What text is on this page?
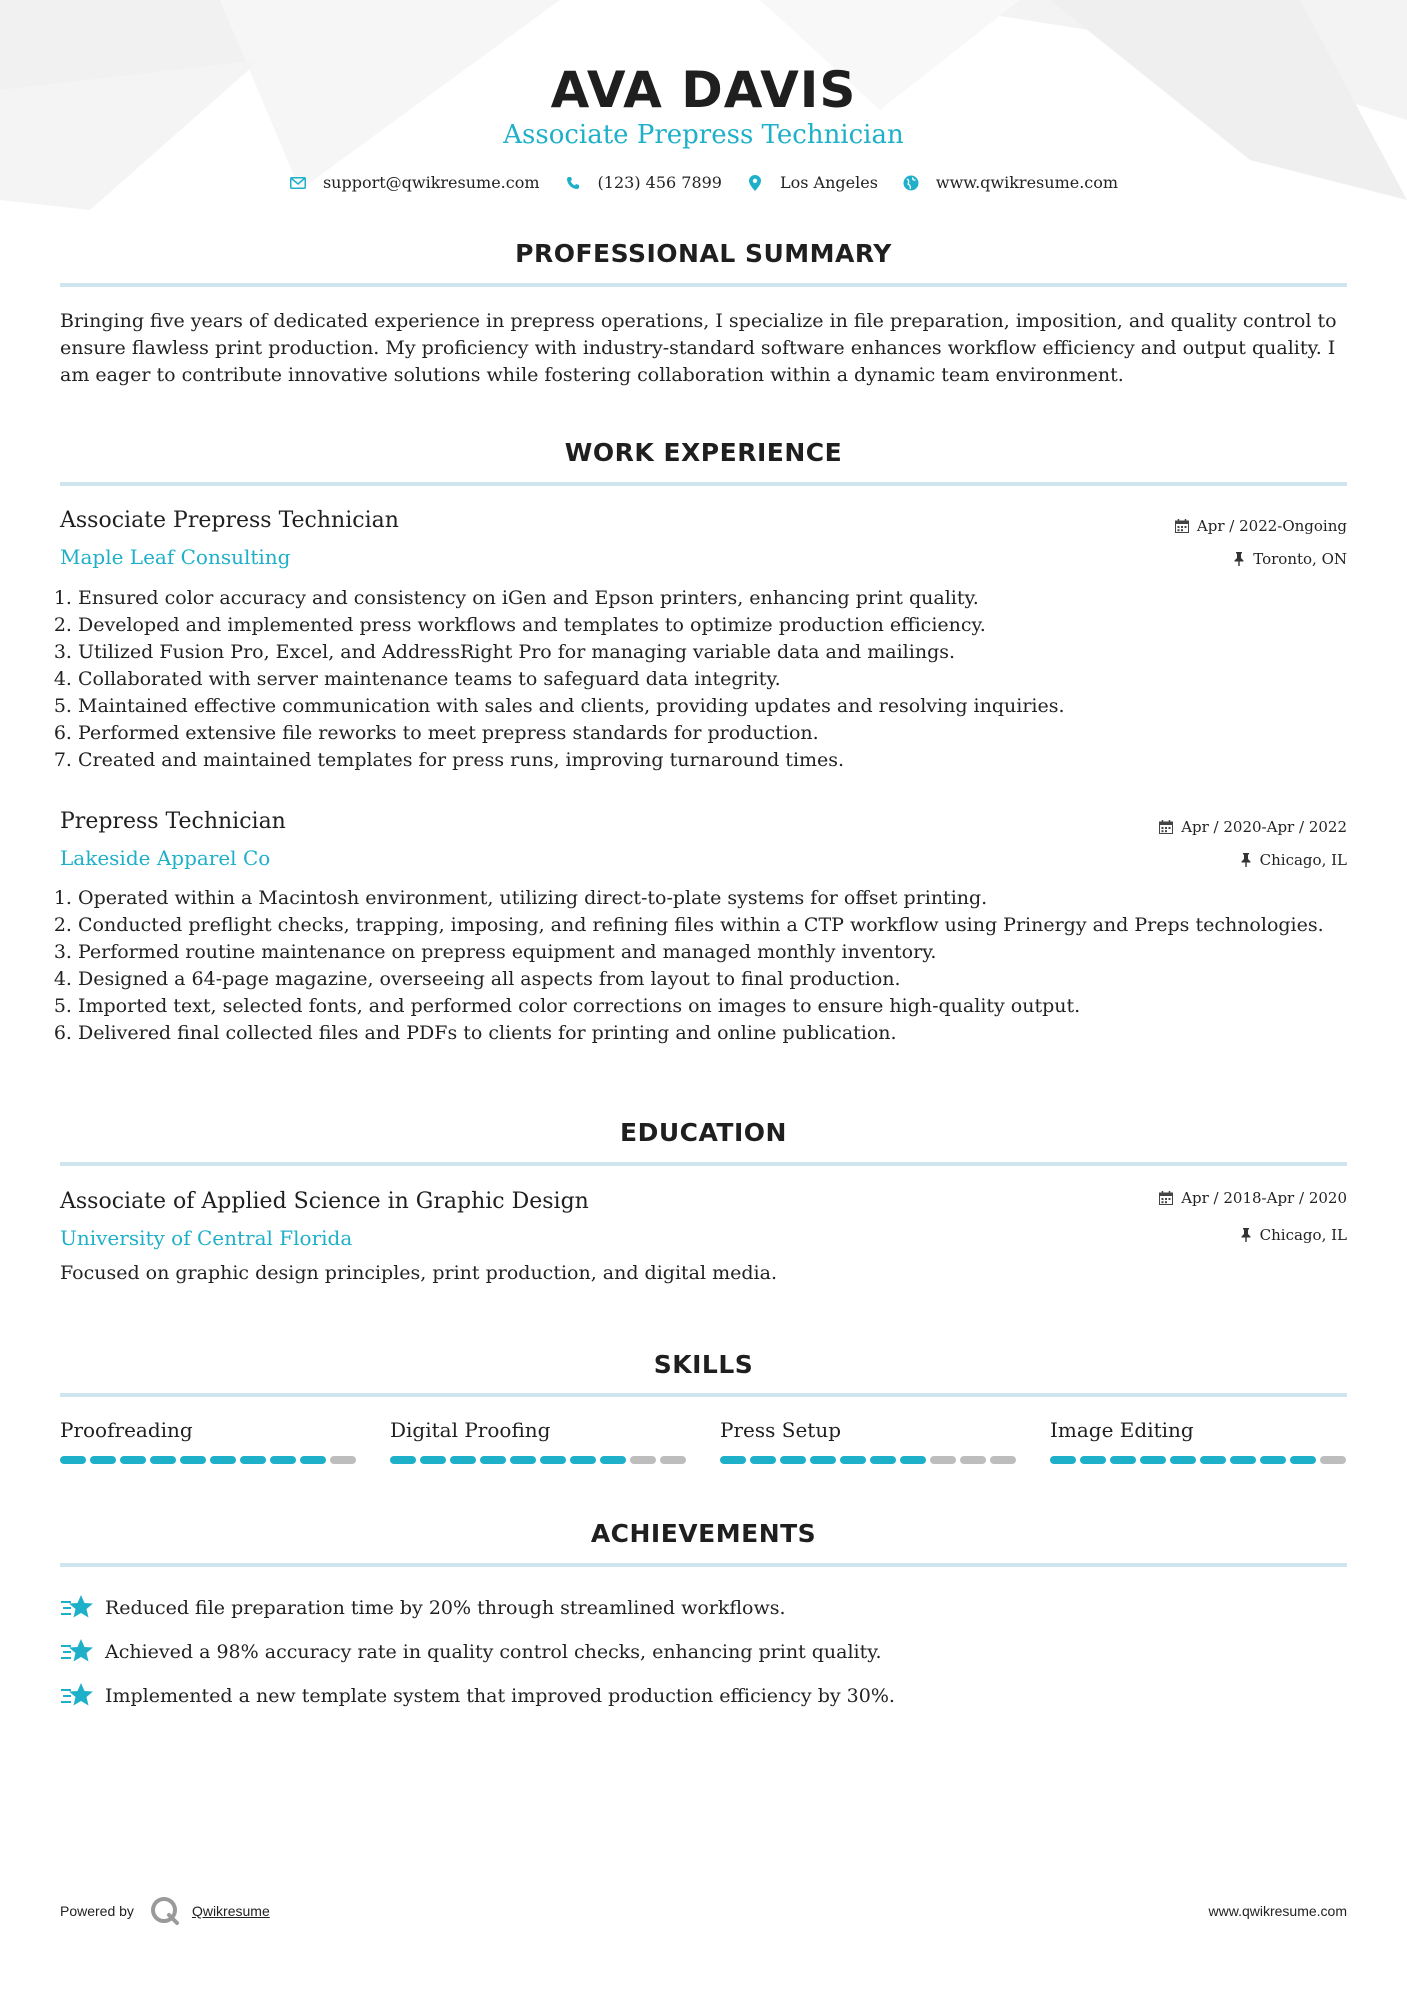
AVA DAVIS
Associate Prepress Technician
support@qwikresume.com	(123) 456 7899	Los Angeles	www.qwikresume.com
PROFESSIONAL SUMMARY
Bringing five years of dedicated experience in prepress operations, I specialize in file preparation, imposition, and quality control to ensure flawless print production. My proficiency with industry-standard software enhances workflow efficiency and output quality. I am eager to contribute innovative solutions while fostering collaboration within a dynamic team environment.
WORK EXPERIENCE
Associate Prepress Technician
Maple Leaf Consulting
Apr / 2022-Ongoing
Toronto, ON
1. Ensured color accuracy and consistency on iGen and Epson printers, enhancing print quality.
2. Developed and implemented press workflows and templates to optimize production efficiency.
3. Utilized Fusion Pro, Excel, and AddressRight Pro for managing variable data and mailings.
4. Collaborated with server maintenance teams to safeguard data integrity.
5. Maintained effective communication with sales and clients, providing updates and resolving inquiries.
6. Performed extensive file reworks to meet prepress standards for production.
7. Created and maintained templates for press runs, improving turnaround times.
Prepress Technician
Lakeside Apparel Co
Apr / 2020-Apr / 2022
Chicago, IL
1. Operated within a Macintosh environment, utilizing direct-to-plate systems for offset printing.
2. Conducted preflight checks, trapping, imposing, and refining files within a CTP workflow using Prinergy and Preps technologies.
3. Performed routine maintenance on prepress equipment and managed monthly inventory.
4. Designed a 64-page magazine, overseeing all aspects from layout to final production.
5. Imported text, selected fonts, and performed color corrections on images to ensure high-quality output.
6. Delivered final collected files and PDFs to clients for printing and online publication.
EDUCATION
Associate of Applied Science in Graphic Design
University of Central Florida
Apr / 2018-Apr / 2020
Chicago, IL
Focused on graphic design principles, print production, and digital media.
SKILLS
Proofreading	Digital Proofing	Press Setup	Image Editing
ACHIEVEMENTS
Reduced file preparation time by 20% through streamlined workflows.
Achieved a 98% accuracy rate in quality control checks, enhancing print quality.
Implemented a new template system that improved production efficiency by 30%.
Powered by	Qwikresume	www.qwikresume.com
